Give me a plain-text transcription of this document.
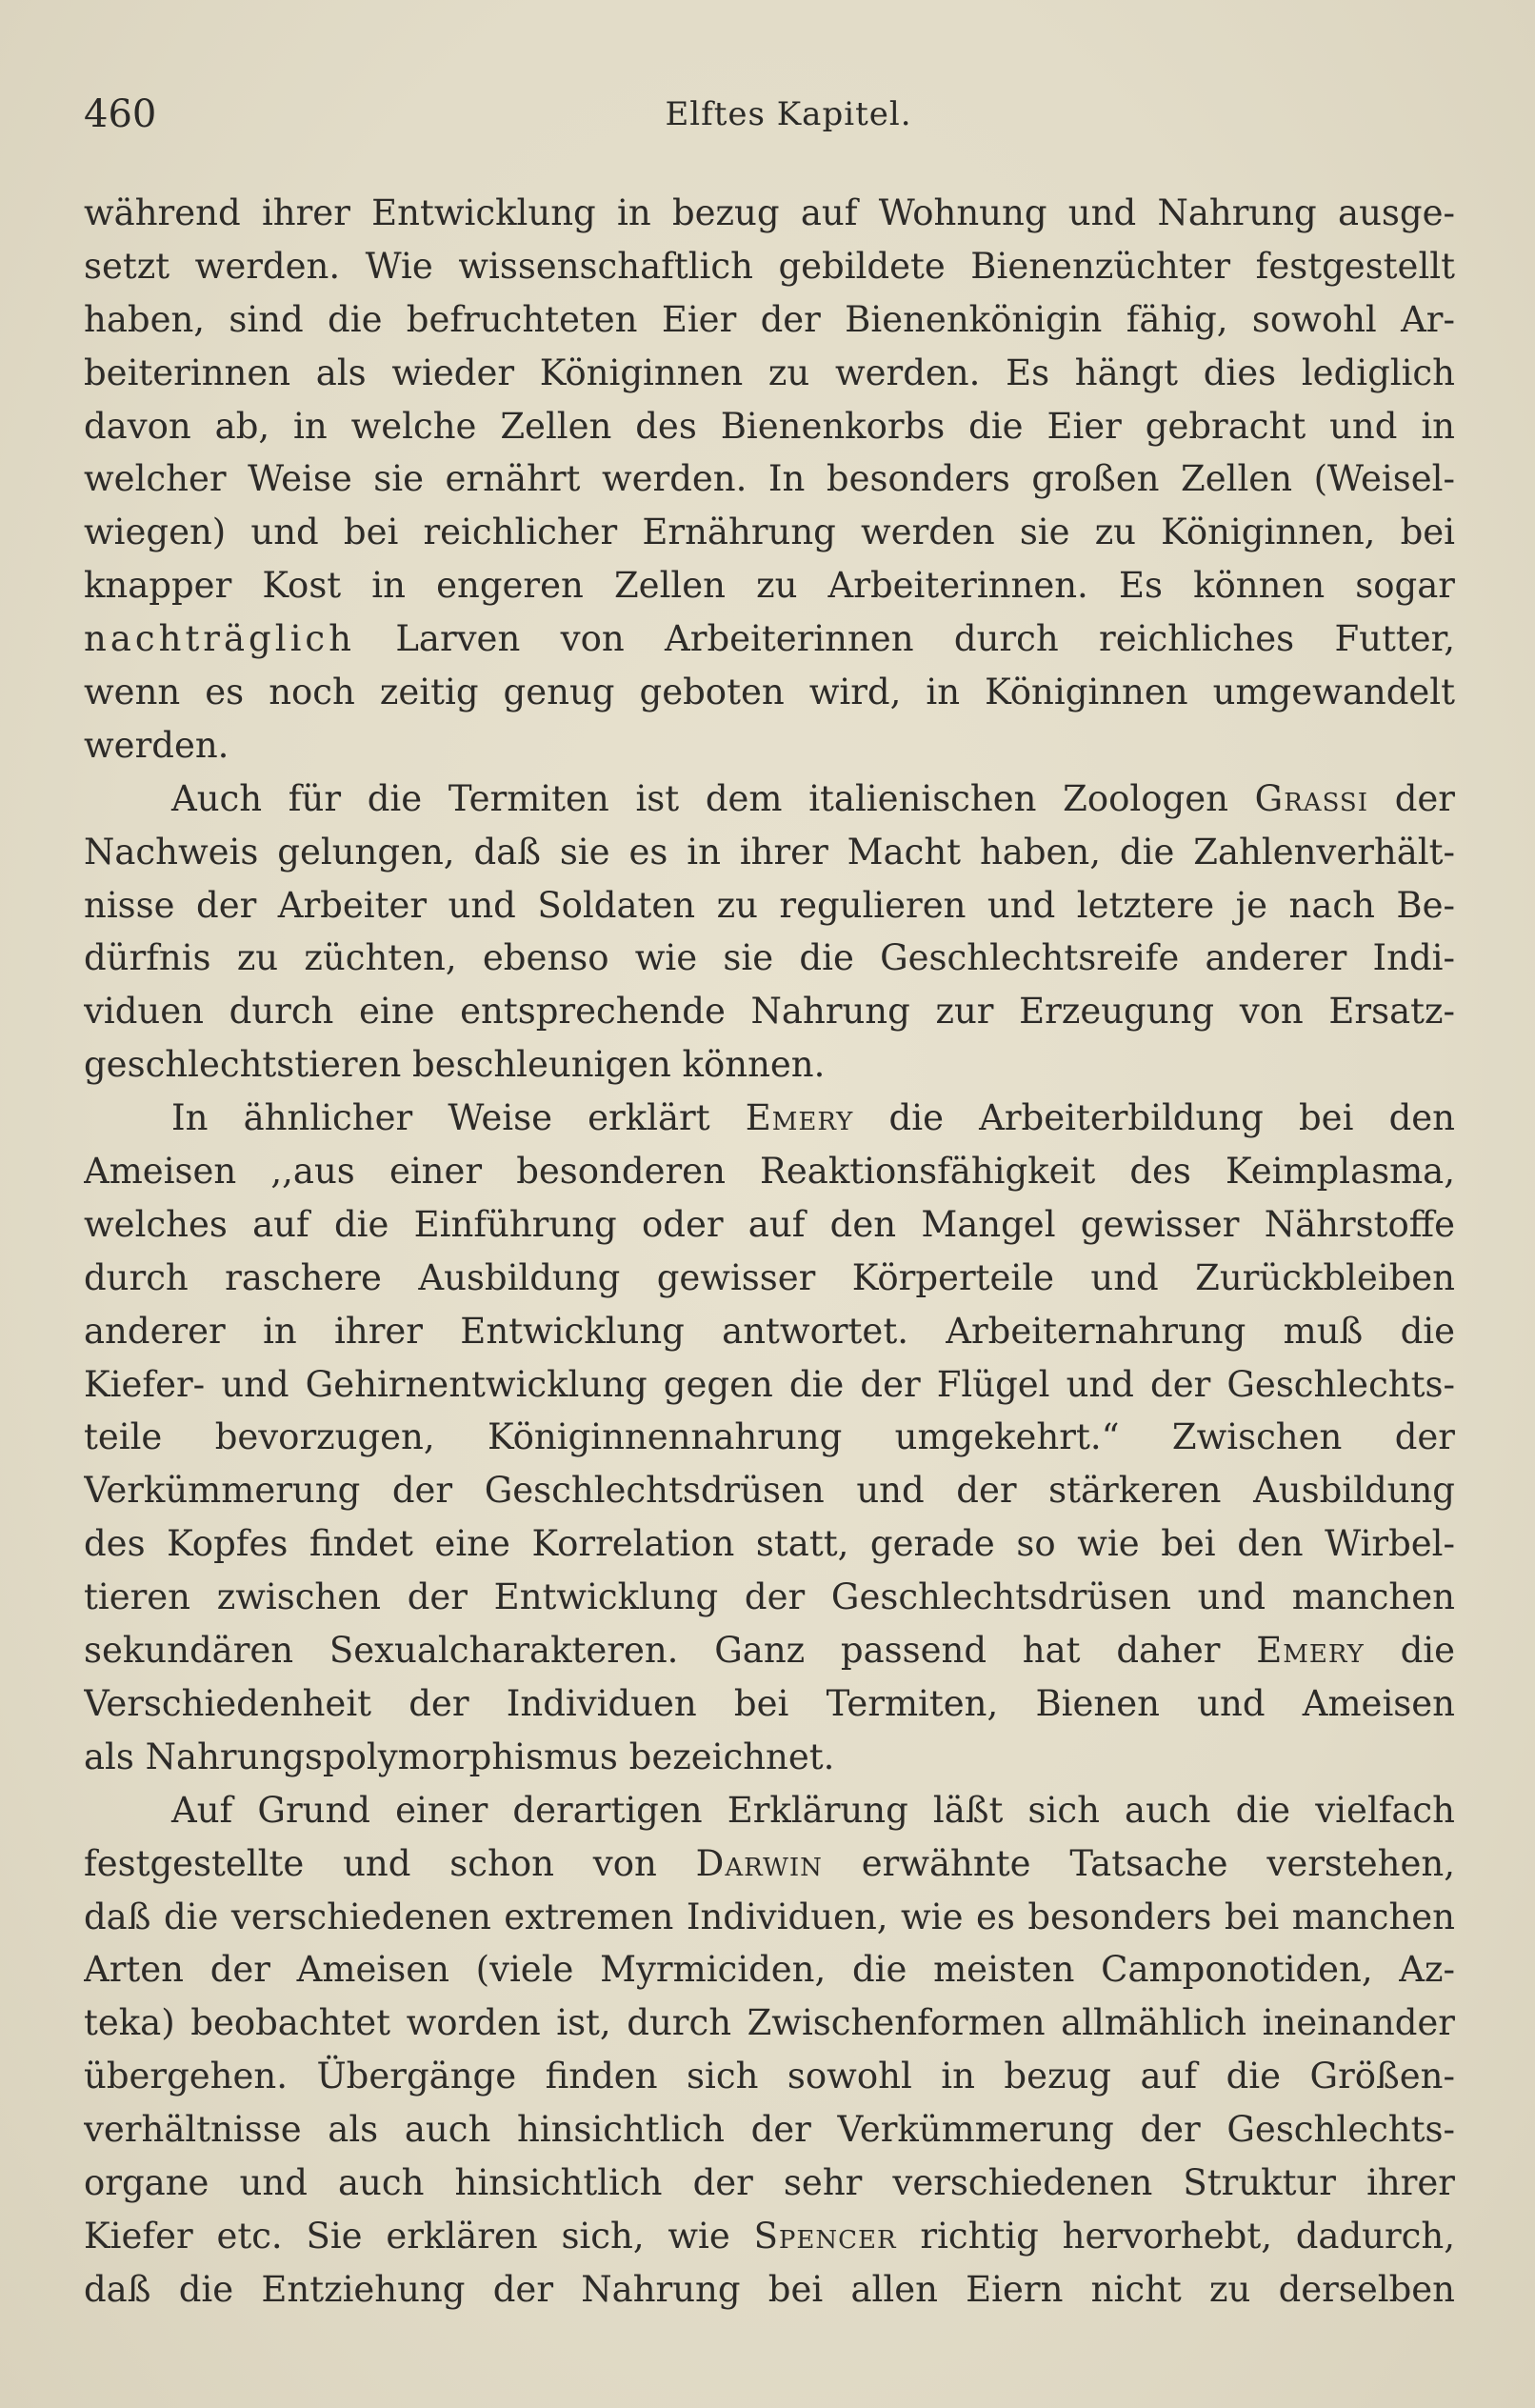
460	Elftes Kapitel.
während ihrer Entwicklung in bezug auf Wohnung und Nahrung ausge-
setzt werden. Wie wissenschaftlich gebildete Bienenzüchter festgestellt
haben, sind die befruchteten Eier der Bienenkönigin fähig, sowohl Ar-
beiterinnen als wieder Königinnen zu werden. Es hängt dies lediglich
davon ab, in welche Zellen des Bienenkorbs die Eier gebracht und in
welcher Weise sie ernährt werden. In besonders großen Zellen (Weisel-
wiegen) und bei reichlicher Ernährung werden sie zu Königinnen, bei
knapper Kost in engeren Zellen zu Arbeiterinnen. Es können sogar
nachträglich Larven von Arbeiterinnen durch reichliches Futter,
wenn es noch zeitig genug geboten wird, in Königinnen umgewandelt
werden.
Auch für die Termiten ist dem italienischen Zoologen Grassi der
Nachweis gelungen, daß sie es in ihrer Macht haben, die Zahlenverhält-
nisse der Arbeiter und Soldaten zu regulieren und letztere je nach Be-
dürfnis zu züchten, ebenso wie sie die Geschlechtsreife anderer Indi-
viduen durch eine entsprechende Nahrung zur Erzeugung von Ersatz-
geschlechtstieren beschleunigen können.
In ähnlicher Weise erklärt Emery die Arbeiterbildung bei den
Ameisen ,,aus einer besonderen Reaktionsfähigkeit des Keimplasma,
welches auf die Einführung oder auf den Mangel gewisser Nährstoffe
durch raschere Ausbildung gewisser Körperteile und Zurückbleiben
anderer in ihrer Entwicklung antwortet. Arbeiternahrung muß die
Kiefer- und Gehirnentwicklung gegen die der Flügel und der Geschlechts-
teile bevorzugen, Königinnennahrung umgekehrt.“ Zwischen der
Verkümmerung der Geschlechtsdrüsen und der stärkeren Ausbildung
des Kopfes findet eine Korrelation statt, gerade so wie bei den Wirbel-
tieren zwischen der Entwicklung der Geschlechtsdrüsen und manchen
sekundären Sexualcharakteren. Ganz passend hat daher Emery die
Verschiedenheit der Individuen bei Termiten, Bienen und Ameisen
als Nahrungspolymorphismus bezeichnet.
Auf Grund einer derartigen Erklärung läßt sich auch die vielfach
festgestellte und schon von Darwin erwähnte Tatsache verstehen,
daß die verschiedenen extremen Individuen, wie es besonders bei manchen
Arten der Ameisen (viele Myrmiciden, die meisten Camponotiden, Az-
teka) beobachtet worden ist, durch Zwischenformen allmählich ineinander
übergehen. Übergänge finden sich sowohl in bezug auf die Größen-
verhältnisse als auch hinsichtlich der Verkümmerung der Geschlechts-
organe und auch hinsichtlich der sehr verschiedenen Struktur ihrer
Kiefer etc. Sie erklären sich, wie Spencer richtig hervorhebt, dadurch,
daß die Entziehung der Nahrung bei allen Eiern nicht zu derselben
